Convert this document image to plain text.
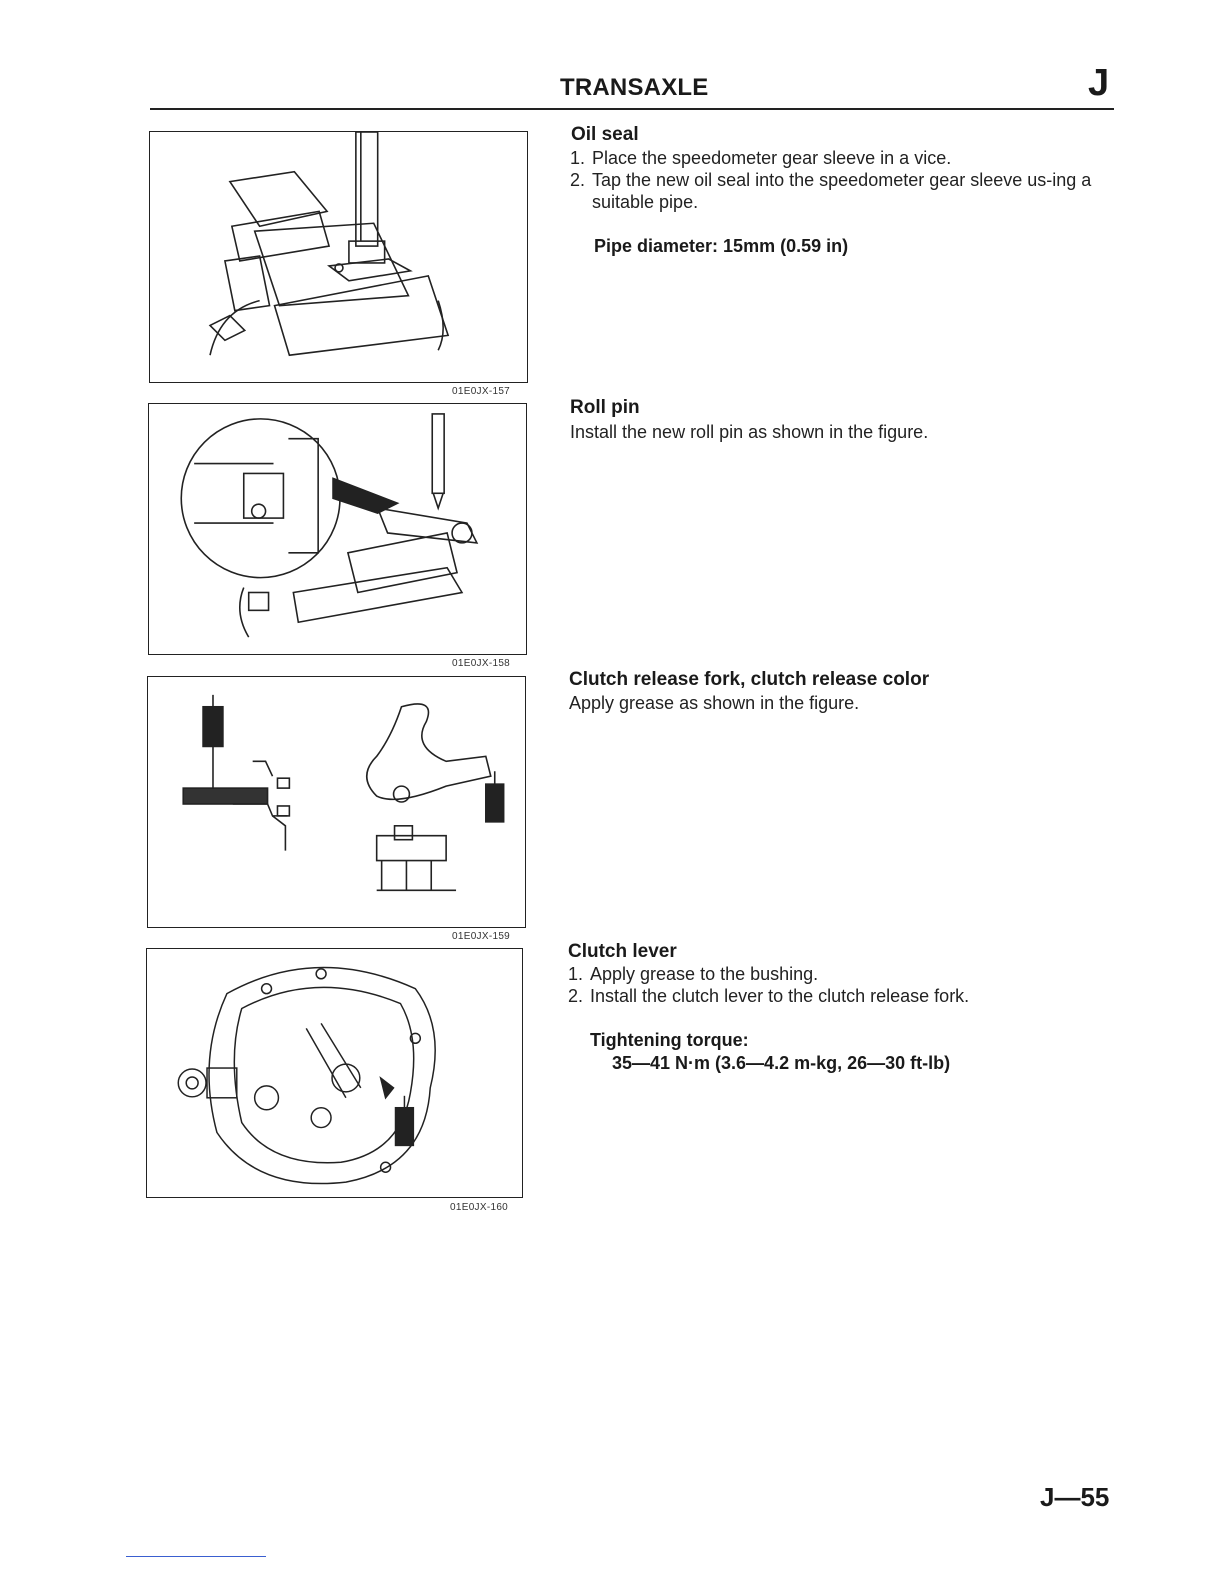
TRANSAXLE	J
01E0JX-157
01E0JX-158
01E0JX-159
01E0JX-160
Oil seal
1. Place the speedometer gear sleeve in a vice.
2. Tap the new oil seal into the speedometer gear sleeve us-ing a suitable pipe.
Pipe diameter: 15mm (0.59 in)
Roll pin
Install the new roll pin as shown in the figure.
Clutch release fork, clutch release color
Apply grease as shown in the figure.
Clutch lever
1. Apply grease to the bushing.
2. Install the clutch lever to the clutch release fork.
Tightening torque:
35—41 N·m (3.6—4.2 m-kg, 26—30 ft-lb)
J—55
